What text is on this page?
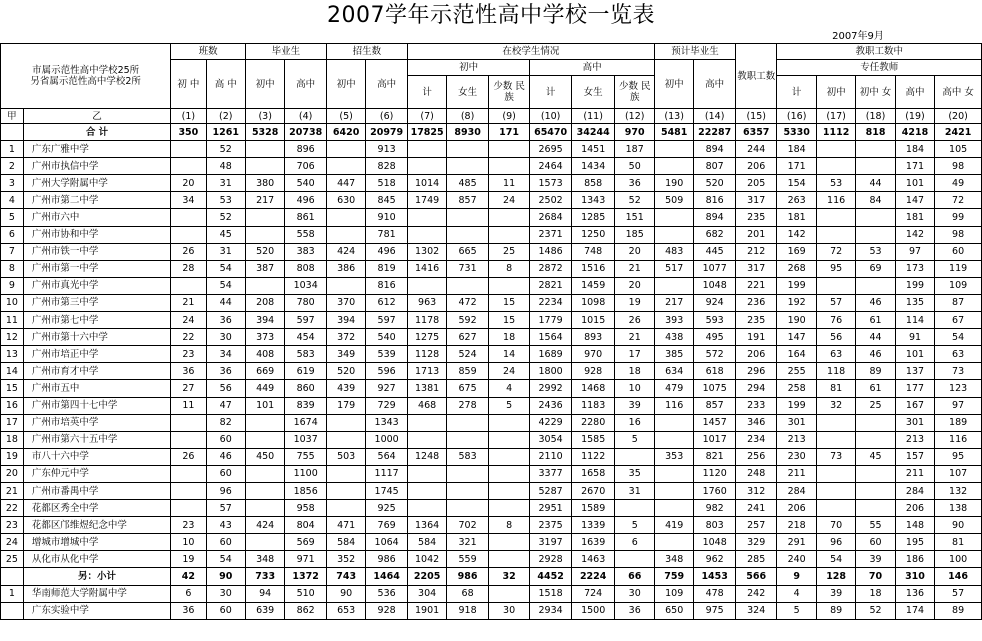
2007学年示范性高中学校一览表
2007年9月
市属示范性高中学校25所
另省属示范性高中学校2所		班数		毕业生		招生数		在校学生情况						预计毕业生		教职工数	教职工数中				
		初 中	高 中	初中	高中	初中	高中	初中			高中			初中	高中		专任教师				
								计	女生	少数 民族	计	女生	少数 民族				计	初中	初中 女	高中	高中 女
甲	乙	(1)	(2)	(3)	(4)	(5)	(6)	(7)	(8)	(9)	(10)	(11)	(12)	(13)	(14)	(15)	(16)	(17)	(18)	(19)	(20)
	合 计	350	1261	5328	20738	6420	20979	17825	8930	171	65470	34244	970	5481	22287	6357	5330	1112	818	4218	2421
1	广东广雅中学		52		896		913				2695	1451	187		894	244	184			184	105
2	广州市执信中学		48		706		828				2464	1434	50		807	206	171			171	98
3	广州大学附属中学	20	31	380	540	447	518	1014	485	11	1573	858	36	190	520	205	154	53	44	101	49
4	广州市第二中学	34	53	217	496	630	845	1749	857	24	2502	1343	52	509	816	317	263	116	84	147	72
5	广州市六中		52		861		910				2684	1285	151		894	235	181			181	99
6	广州市协和中学		45		558		781				2371	1250	185		682	201	142			142	98
7	广州市铁一中学	26	31	520	383	424	496	1302	665	25	1486	748	20	483	445	212	169	72	53	97	60
8	广州市第一中学	28	54	387	808	386	819	1416	731	8	2872	1516	21	517	1077	317	268	95	69	173	119
9	广州市真光中学		54		1034		816				2821	1459	20		1048	221	199			199	109
10	广州市第三中学	21	44	208	780	370	612	963	472	15	2234	1098	19	217	924	236	192	57	46	135	87
11	广州市第七中学	24	36	394	597	394	597	1178	592	15	1779	1015	26	393	593	235	190	76	61	114	67
12	广州市第十六中学	22	30	373	454	372	540	1275	627	18	1564	893	21	438	495	191	147	56	44	91	54
13	广州市培正中学	23	34	408	583	349	539	1128	524	14	1689	970	17	385	572	206	164	63	46	101	63
14	广州市育才中学	36	36	669	619	520	596	1713	859	24	1800	928	18	634	618	296	255	118	89	137	73
15	广州市五中	27	56	449	860	439	927	1381	675	4	2992	1468	10	479	1075	294	258	81	61	177	123
16	广州市第四十七中学	11	47	101	839	179	729	468	278	5	2436	1183	39	116	857	233	199	32	25	167	97
17	广州市培英中学		82		1674		1343				4229	2280	16		1457	346	301			301	189
18	广州市第六十五中学		60		1037		1000				3054	1585	5		1017	234	213			213	116
19	市八十六中学	26	46	450	755	503	564	1248	583		2110	1122		353	821	256	230	73	45	157	95
20	广东仲元中学		60		1100		1117				3377	1658	35		1120	248	211			211	107
21	广州市番禺中学		96		1856		1745				5287	2670	31		1760	312	284			284	132
22	花都区秀全中学		57		958		925				2951	1589			982	241	206			206	138
23	花都区邝维煜纪念中学	23	43	424	804	471	769	1364	702	8	2375	1339	5	419	803	257	218	70	55	148	90
24	增城市增城中学	10	60		569	584	1064	584	321		3197	1639	6		1048	329	291	96	60	195	81
25	从化市从化中学	19	54	348	971	352	986	1042	559		2928	1463		348	962	285	240	54	39	186	100
	另：小计	42	90	733	1372	743	1464	2205	986	32	4452	2224	66	759	1453	566	9	128	70	310	146
1	华南师范大学附属中学	6	30	94	510	90	536	304	68		1518	724	30	109	478	242	4	39	18	136	57
	广东实验中学	36	60	639	862	653	928	1901	918	30	2934	1500	36	650	975	324	5	89	52	174	89
